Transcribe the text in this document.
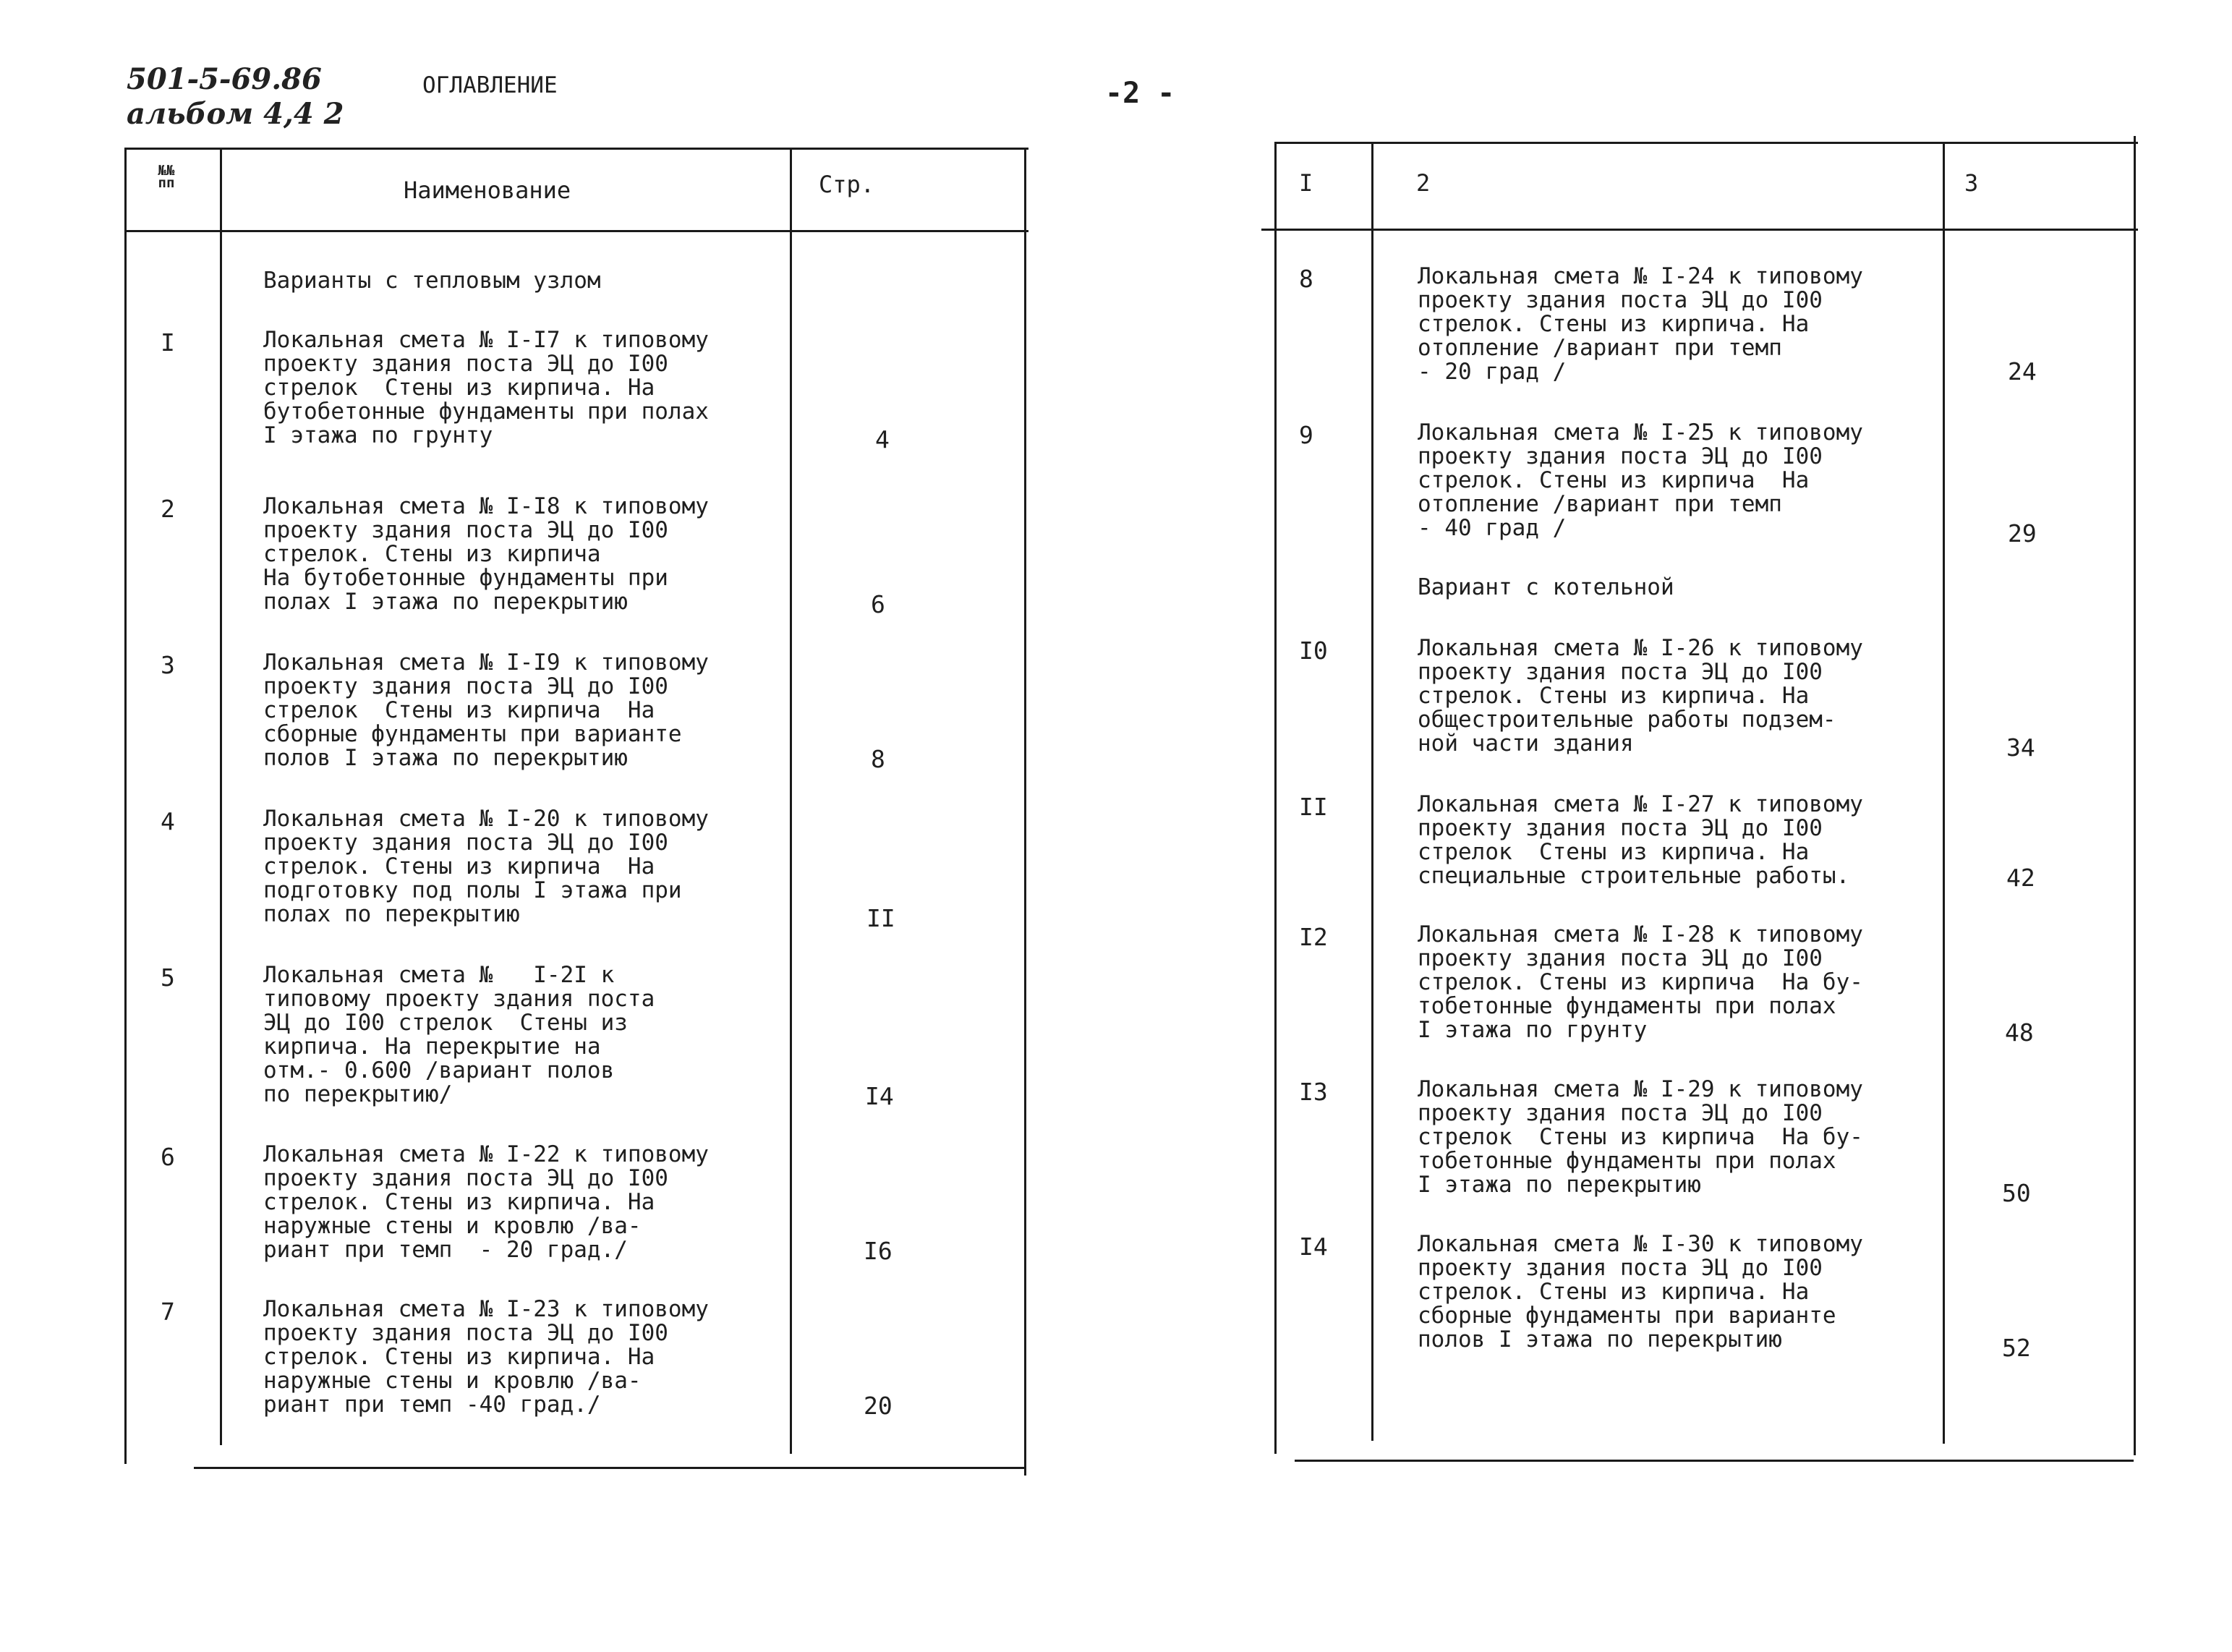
501-5-69.86
альбом 4,4 2
ОГЛАВЛЕНИЕ	-2 -
№№
пп	Наименование	Стр.
Варианты с тепловым узлом
I	Локальная смета № I-I7 к типовому
проекту здания поста ЭЦ до I00
стрелок  Стены из кирпича. На
бутобетонные фундаменты при полах
I этажа по грунту	4
2	Локальная смета № I-I8 к типовому
проекту здания поста ЭЦ до I00
стрелок. Стены из кирпича
На бутобетонные фундаменты при
полах I этажа по перекрытию	6
3	Локальная смета № I-I9 к типовому
проекту здания поста ЭЦ до I00
стрелок  Стены из кирпича  На
сборные фундаменты при варианте
полов I этажа по перекрытию	8
4	Локальная смета № I-20 к типовому
проекту здания поста ЭЦ до I00
стрелок. Стены из кирпича  На
подготовку под полы I этажа при
полах по перекрытию	II
5	Локальная смета №   I-2I к
типовому проекту здания поста
ЭЦ до I00 стрелок  Стены из
кирпича. На перекрытие на
отм.- 0.600 /вариант полов
по перекрытию/	I4
6	Локальная смета № I-22 к типовому
проекту здания поста ЭЦ до I00
стрелок. Стены из кирпича. На
наружные стены и кровлю /ва-
риант при темп  - 20 град./	I6
7	Локальная смета № I-23 к типовому
проекту здания поста ЭЦ до I00
стрелок. Стены из кирпича. На
наружные стены и кровлю /ва-
риант при темп -40 град./	20
I	2	3
8	Локальная смета № I-24 к типовому
проекту здания поста ЭЦ до I00
стрелок. Стены из кирпича. На
отопление /вариант при темп
- 20 град /	24
9	Локальная смета № I-25 к типовому
проекту здания поста ЭЦ до I00
стрелок. Стены из кирпича  На
отопление /вариант при темп
- 40 град /	29
Вариант с котельной
I0	Локальная смета № I-26 к типовому
проекту здания поста ЭЦ до I00
стрелок. Стены из кирпича. На
общестроительные работы подзем-
ной части здания	34
II	Локальная смета № I-27 к типовому
проекту здания поста ЭЦ до I00
стрелок  Стены из кирпича. На
специальные строительные работы.	42
I2	Локальная смета № I-28 к типовому
проекту здания поста ЭЦ до I00
стрелок. Стены из кирпича  На бу-
тобетонные фундаменты при полах
I этажа по грунту	48
I3	Локальная смета № I-29 к типовому
проекту здания поста ЭЦ до I00
стрелок  Стены из кирпича  На бу-
тобетонные фундаменты при полах
I этажа по перекрытию	50
I4	Локальная смета № I-30 к типовому
проекту здания поста ЭЦ до I00
стрелок. Стены из кирпича. На
сборные фундаменты при варианте
полов I этажа по перекрытию	52
